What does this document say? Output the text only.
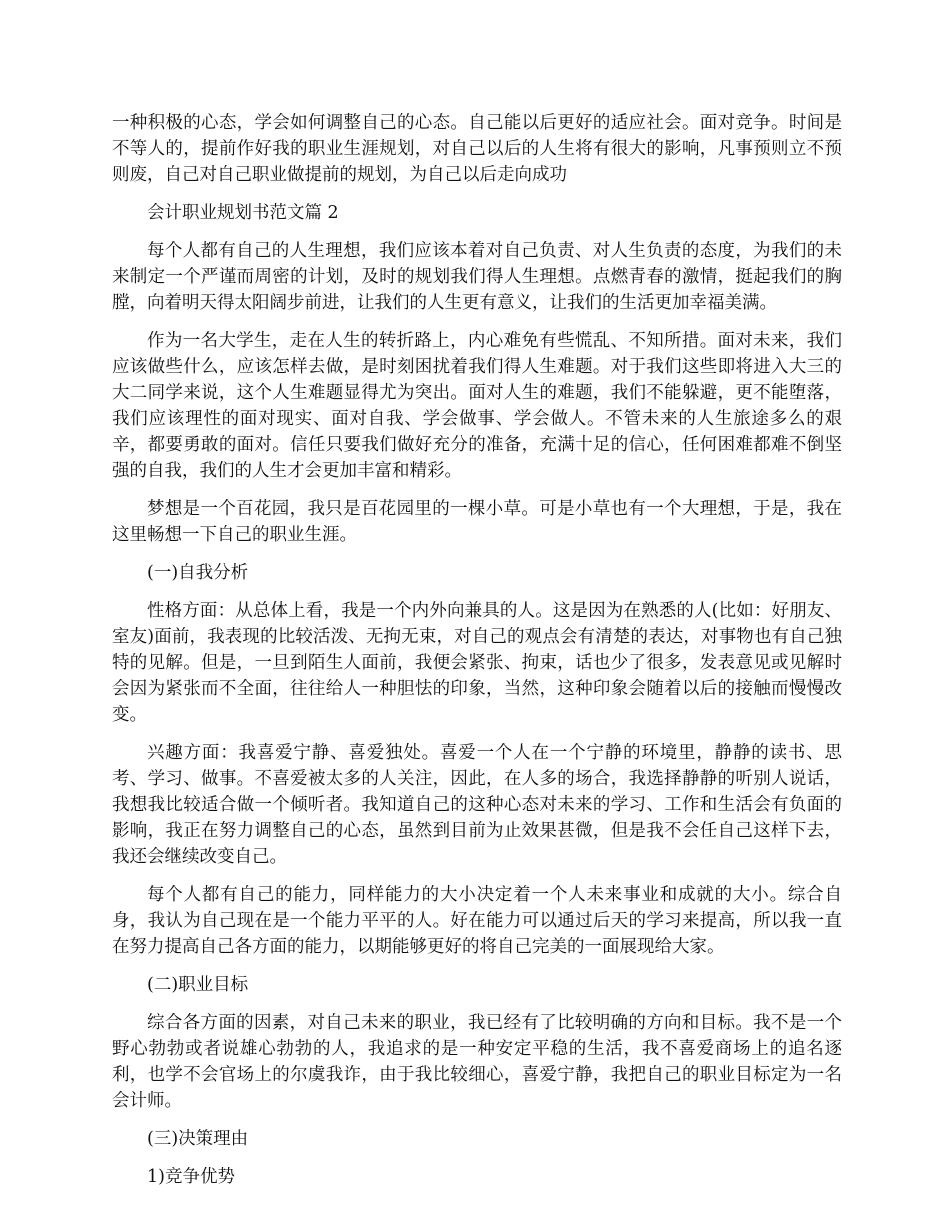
一种积极的心态，学会如何调整自己的心态。自己能以后更好的适应社会。面对竞争。时间是不等人的，提前作好我的职业生涯规划，对自己以后的人生将有很大的影响，凡事预则立不预则废，自己对自己职业做提前的规划，为自己以后走向成功

会计职业规划书范文篇 2

每个人都有自己的人生理想，我们应该本着对自己负责、对人生负责的态度，为我们的未来制定一个严谨而周密的计划，及时的规划我们得人生理想。点燃青春的激情，挺起我们的胸膛，向着明天得太阳阔步前进，让我们的人生更有意义，让我们的生活更加幸福美满。

作为一名大学生，走在人生的转折路上，内心难免有些慌乱、不知所措。面对未来，我们应该做些什么，应该怎样去做，是时刻困扰着我们得人生难题。对于我们这些即将进入大三的大二同学来说，这个人生难题显得尤为突出。面对人生的难题，我们不能躲避，更不能堕落，我们应该理性的面对现实、面对自我、学会做事、学会做人。不管未来的人生旅途多么的艰辛，都要勇敢的面对。信任只要我们做好充分的准备，充满十足的信心，任何困难都难不倒坚强的自我，我们的人生才会更加丰富和精彩。

梦想是一个百花园，我只是百花园里的一棵小草。可是小草也有一个大理想，于是，我在这里畅想一下自己的职业生涯。

(一)自我分析

性格方面：从总体上看，我是一个内外向兼具的人。这是因为在熟悉的人(比如：好朋友、室友)面前，我表现的比较活泼、无拘无束，对自己的观点会有清楚的表达，对事物也有自己独特的见解。但是，一旦到陌生人面前，我便会紧张、拘束，话也少了很多，发表意见或见解时会因为紧张而不全面，往往给人一种胆怯的印象，当然，这种印象会随着以后的接触而慢慢改变。

兴趣方面：我喜爱宁静、喜爱独处。喜爱一个人在一个宁静的环境里，静静的读书、思考、学习、做事。不喜爱被太多的人关注，因此，在人多的场合，我选择静静的听别人说话，我想我比较适合做一个倾听者。我知道自己的这种心态对未来的学习、工作和生活会有负面的影响，我正在努力调整自己的心态，虽然到目前为止效果甚微，但是我不会任自己这样下去，我还会继续改变自己。

每个人都有自己的能力，同样能力的大小决定着一个人未来事业和成就的大小。综合自身，我认为自己现在是一个能力平平的人。好在能力可以通过后天的学习来提高，所以我一直在努力提高自己各方面的能力，以期能够更好的将自己完美的一面展现给大家。

(二)职业目标

综合各方面的因素，对自己未来的职业，我已经有了比较明确的方向和目标。我不是一个野心勃勃或者说雄心勃勃的人，我追求的是一种安定平稳的生活，我不喜爱商场上的追名逐利，也学不会官场上的尔虞我诈，由于我比较细心，喜爱宁静，我把自己的职业目标定为一名会计师。

(三)决策理由

1)竞争优势
